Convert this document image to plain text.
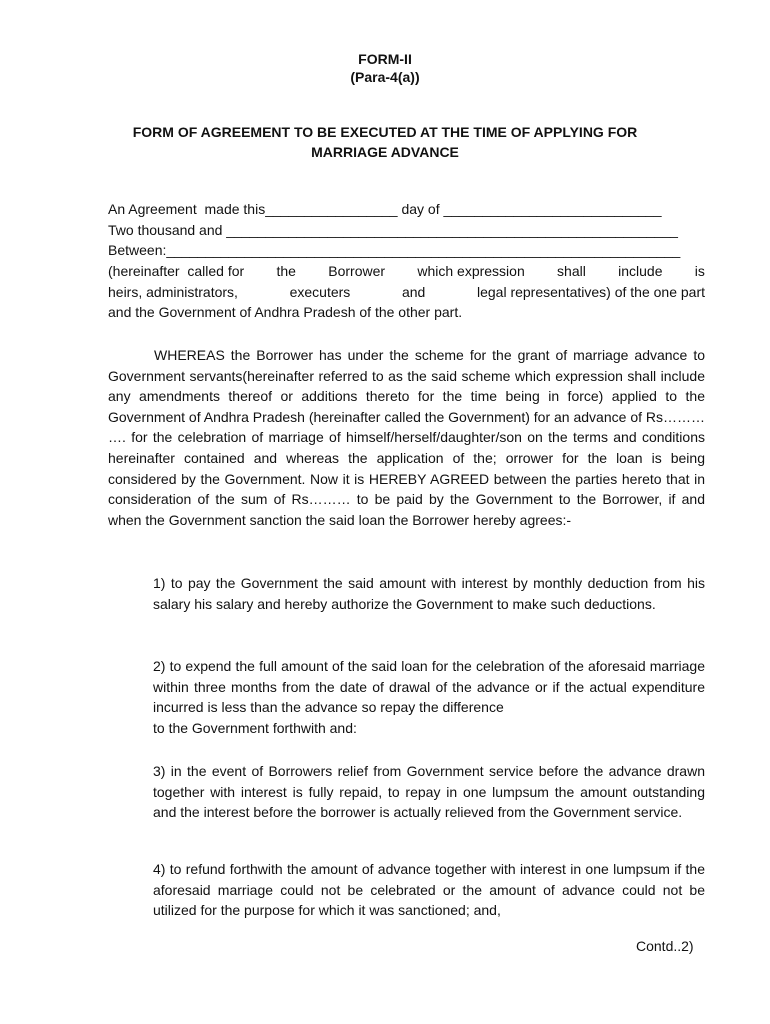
FORM-II

(Para-4(a))

FORM OF AGREEMENT TO BE EXECUTED AT THE TIME OF APPLYING FOR

MARRIAGE ADVANCE

An Agreement  made this_________________ day of ____________________________

Two thousand and __________________________________________________________

Between:__________________________________________________________________

(hereinafter  called for the Borrower which expression shall include is
heirs, administrators,	executers	and	legal representatives) of the one part

and the Government of Andhra Pradesh of the other part.

WHEREAS the Borrower has under the scheme for the grant of marriage advance to Government servants(hereinafter referred to as the said scheme which expression shall include any amendments thereof or additions thereto for the time being in force) applied to the Government of Andhra Pradesh (hereinafter called the Government) for an advance of Rs……… …. for the celebration of marriage of himself/herself/daughter/son on the terms and conditions hereinafter contained and whereas the application of the; orrower for the loan is being considered by the Government. Now it is HEREBY AGREED between the parties hereto that in consideration of the sum of Rs……… to be paid by the Government to the Borrower, if and when the Government sanction the said loan the Borrower hereby agrees:-

1) to pay the Government the said amount with interest by monthly deduction from his salary his salary and hereby authorize the Government to make such deductions.

2) to expend the full amount of the said loan for the celebration of the aforesaid marriage within three months from the date of drawal of the advance or if the actual expenditure incurred is less than the advance so repay the difference

to the Government forthwith and:

3) in the event of Borrowers relief from Government service before the advance drawn together with interest is fully repaid, to repay in one lumpsum the amount outstanding and the interest before the borrower is actually relieved from the Government service.

4) to refund forthwith the amount of advance together with interest in one lumpsum if the aforesaid marriage could not be celebrated or the amount of advance could not be utilized for the purpose for which it was sanctioned; and,

Contd..2)
